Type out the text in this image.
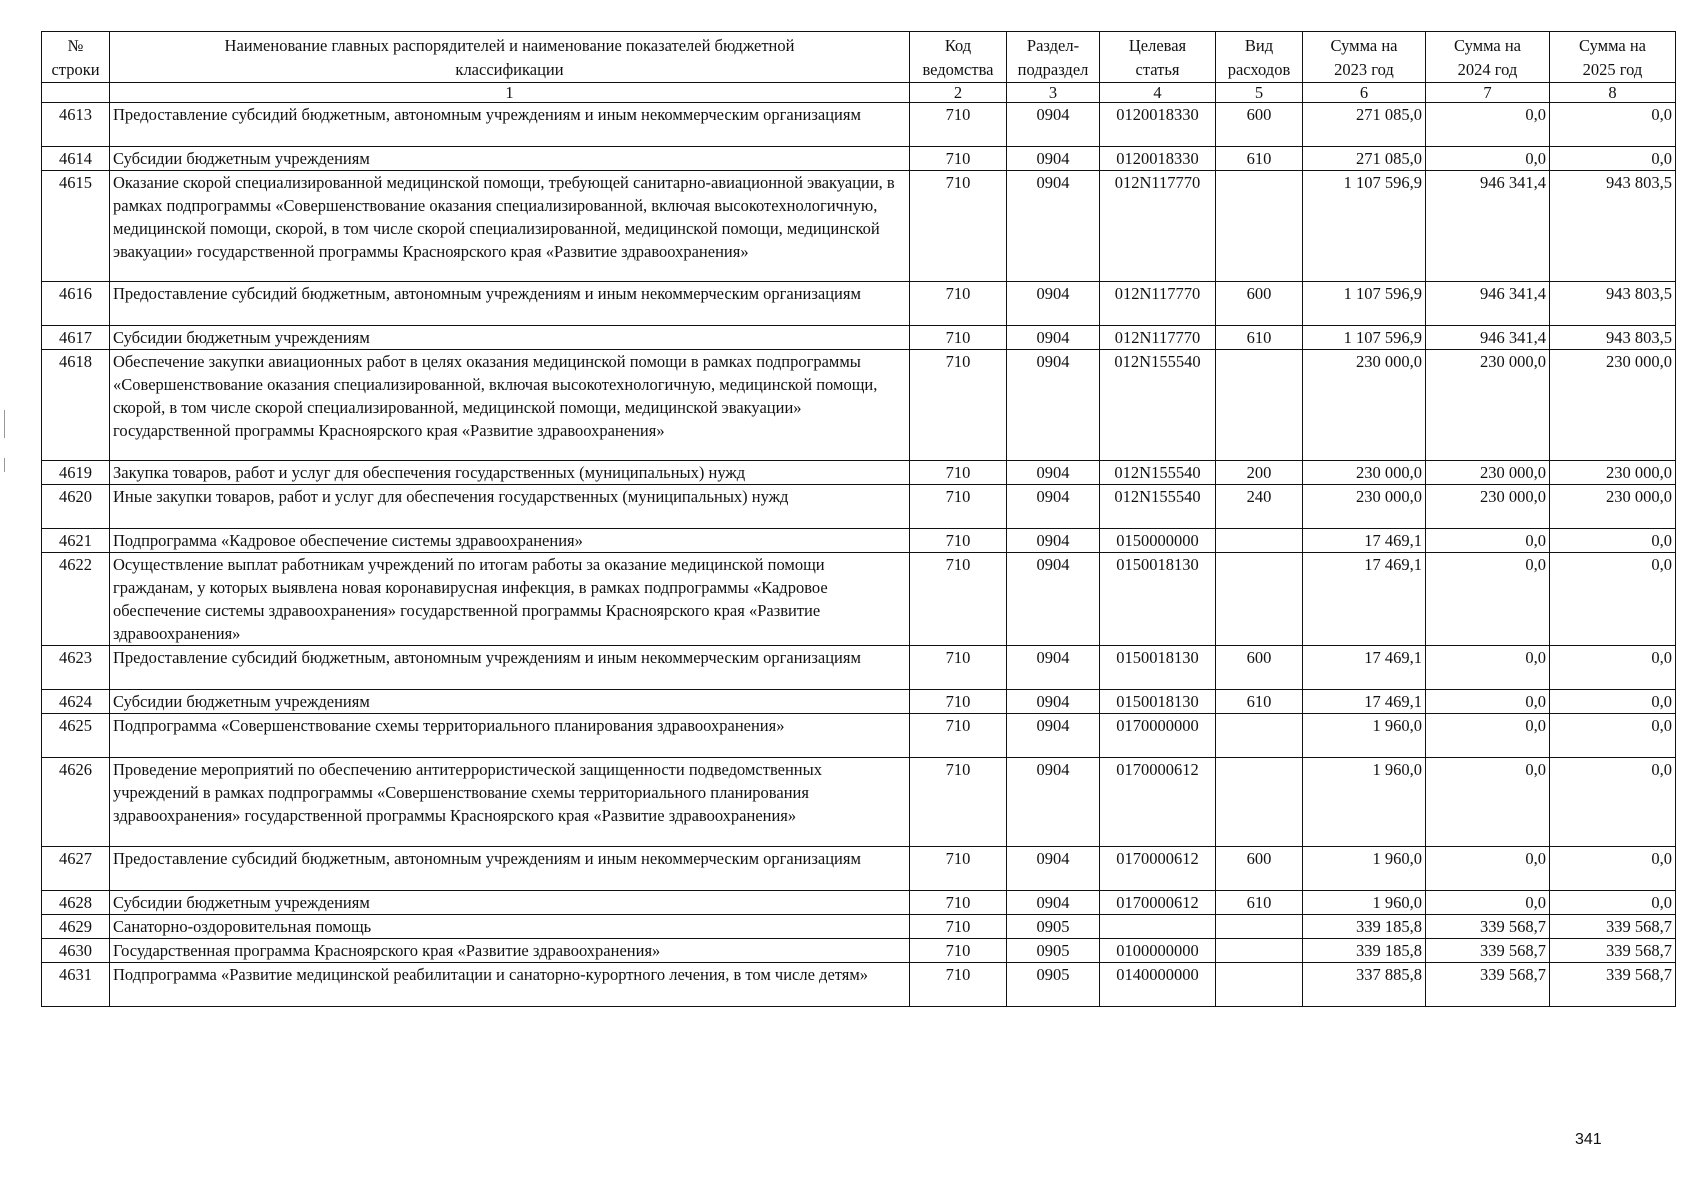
№ строки	Наименование главных распорядителей и наименование показателей бюджетной классификации	Код ведомства	Раздел-подраздел	Целевая статья	Вид расходов	Сумма на 2023 год	Сумма на 2024 год	Сумма на 2025 год
	1	2	3	4	5	6	7	8
4613	Предоставление субсидий бюджетным, автономным учреждениям и иным некоммерческим организациям	710	0904	0120018330	600	271 085,0	0,0	0,0
4614	Субсидии бюджетным учреждениям	710	0904	0120018330	610	271 085,0	0,0	0,0
4615	Оказание скорой специализированной медицинской помощи, требующей санитарно-авиационной эвакуации, в рамках подпрограммы «Совершенствование оказания специализированной, включая высокотехнологичную, медицинской помощи, скорой, в том числе скорой специализированной, медицинской помощи, медицинской эвакуации» государственной программы Красноярского края «Развитие здравоохранения»	710	0904	012N117770		1 107 596,9	946 341,4	943 803,5
4616	Предоставление субсидий бюджетным, автономным учреждениям и иным некоммерческим организациям	710	0904	012N117770	600	1 107 596,9	946 341,4	943 803,5
4617	Субсидии бюджетным учреждениям	710	0904	012N117770	610	1 107 596,9	946 341,4	943 803,5
4618	Обеспечение закупки авиационных работ в целях оказания медицинской помощи в рамках подпрограммы «Совершенствование оказания специализированной, включая высокотехнологичную, медицинской помощи, скорой, в том числе скорой специализированной, медицинской помощи, медицинской эвакуации» государственной программы Красноярского края «Развитие здравоохранения»	710	0904	012N155540		230 000,0	230 000,0	230 000,0
4619	Закупка товаров, работ и услуг для обеспечения государственных (муниципальных) нужд	710	0904	012N155540	200	230 000,0	230 000,0	230 000,0
4620	Иные закупки товаров, работ и услуг для обеспечения государственных (муниципальных) нужд	710	0904	012N155540	240	230 000,0	230 000,0	230 000,0
4621	Подпрограмма «Кадровое обеспечение системы здравоохранения»	710	0904	0150000000		17 469,1	0,0	0,0
4622	Осуществление выплат работникам учреждений по итогам работы за оказание медицинской помощи гражданам, у которых выявлена новая коронавирусная инфекция, в рамках подпрограммы «Кадровое обеспечение системы здравоохранения» государственной программы Красноярского края «Развитие здравоохранения»	710	0904	0150018130		17 469,1	0,0	0,0
4623	Предоставление субсидий бюджетным, автономным учреждениям и иным некоммерческим организациям	710	0904	0150018130	600	17 469,1	0,0	0,0
4624	Субсидии бюджетным учреждениям	710	0904	0150018130	610	17 469,1	0,0	0,0
4625	Подпрограмма «Совершенствование схемы территориального планирования здравоохранения»	710	0904	0170000000		1 960,0	0,0	0,0
4626	Проведение мероприятий по обеспечению антитеррористической защищенности подведомственных учреждений в рамках подпрограммы «Совершенствование схемы территориального планирования здравоохранения» государственной программы Красноярского края «Развитие здравоохранения»	710	0904	0170000612		1 960,0	0,0	0,0
4627	Предоставление субсидий бюджетным, автономным учреждениям и иным некоммерческим организациям	710	0904	0170000612	600	1 960,0	0,0	0,0
4628	Субсидии бюджетным учреждениям	710	0904	0170000612	610	1 960,0	0,0	0,0
4629	Санаторно-оздоровительная помощь	710	0905			339 185,8	339 568,7	339 568,7
4630	Государственная программа Красноярского края «Развитие здравоохранения»	710	0905	0100000000		339 185,8	339 568,7	339 568,7
4631	Подпрограмма «Развитие медицинской реабилитации и санаторно-курортного лечения, в том числе детям»	710	0905	0140000000		337 885,8	339 568,7	339 568,7
341
